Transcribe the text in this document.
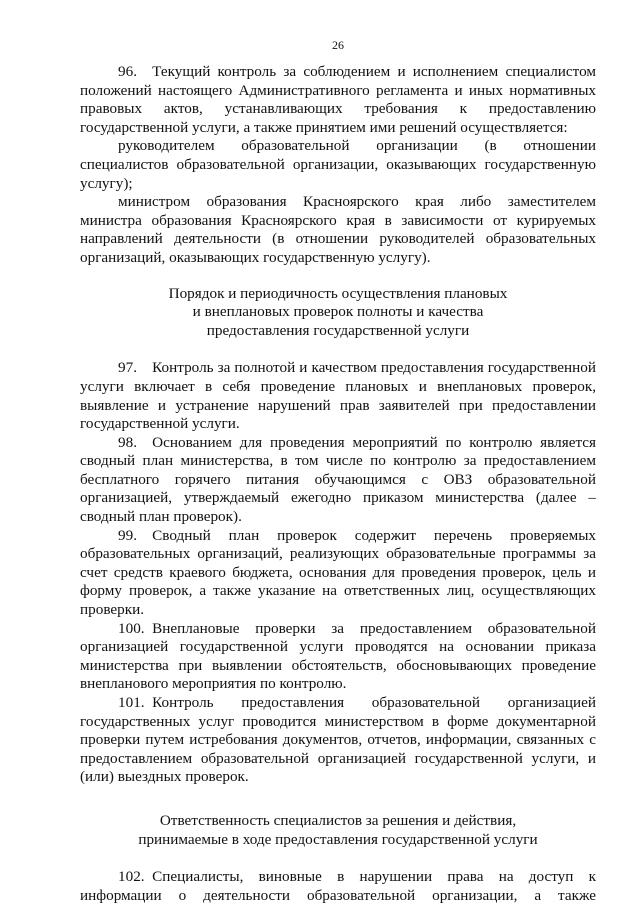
26

96. Текущий контроль за соблюдением и исполнением специалистом положений настоящего Административного регламента и иных нормативных правовых актов, устанавливающих требования к предоставлению государственной услуги, а также принятием ими решений осуществляется:

руководителем образовательной организации (в отношении специалистов образовательной организации, оказывающих государственную услугу);

министром образования Красноярского края либо заместителем министра образования Красноярского края в зависимости от курируемых направлений деятельности (в отношении руководителей образовательных организаций, оказывающих государственную услугу).

Порядок и периодичность осуществления плановых
и внеплановых проверок полноты и качества
предоставления государственной услуги

97. Контроль за полнотой и качеством предоставления государственной услуги включает в себя проведение плановых и внеплановых проверок, выявление и устранение нарушений прав заявителей при предоставлении государственной услуги.

98. Основанием для проведения мероприятий по контролю является сводный план министерства, в том числе по контролю за предоставлением бесплатного горячего питания обучающимся с ОВЗ образовательной организацией, утверждаемый ежегодно приказом министерства (далее – сводный план проверок).

99. Сводный план проверок содержит перечень проверяемых образовательных организаций, реализующих образовательные программы за счет средств краевого бюджета, основания для проведения проверок, цель и форму проверок, а также указание на ответственных лиц, осуществляющих проверки.

100. Внеплановые проверки за предоставлением образовательной организацией государственной услуги проводятся на основании приказа министерства при выявлении обстоятельств, обосновывающих проведение внепланового мероприятия по контролю.

101. Контроль предоставления образовательной организацией государственных услуг проводится министерством в форме документарной проверки путем истребования документов, отчетов, информации, связанных с предоставлением образовательной организацией государственной услуги, и (или) выездных проверок.

Ответственность специалистов за решения и действия,
принимаемые в ходе предоставления государственной услуги

102. Специалисты, виновные в нарушении права на доступ к информации о деятельности образовательной организации, а также
